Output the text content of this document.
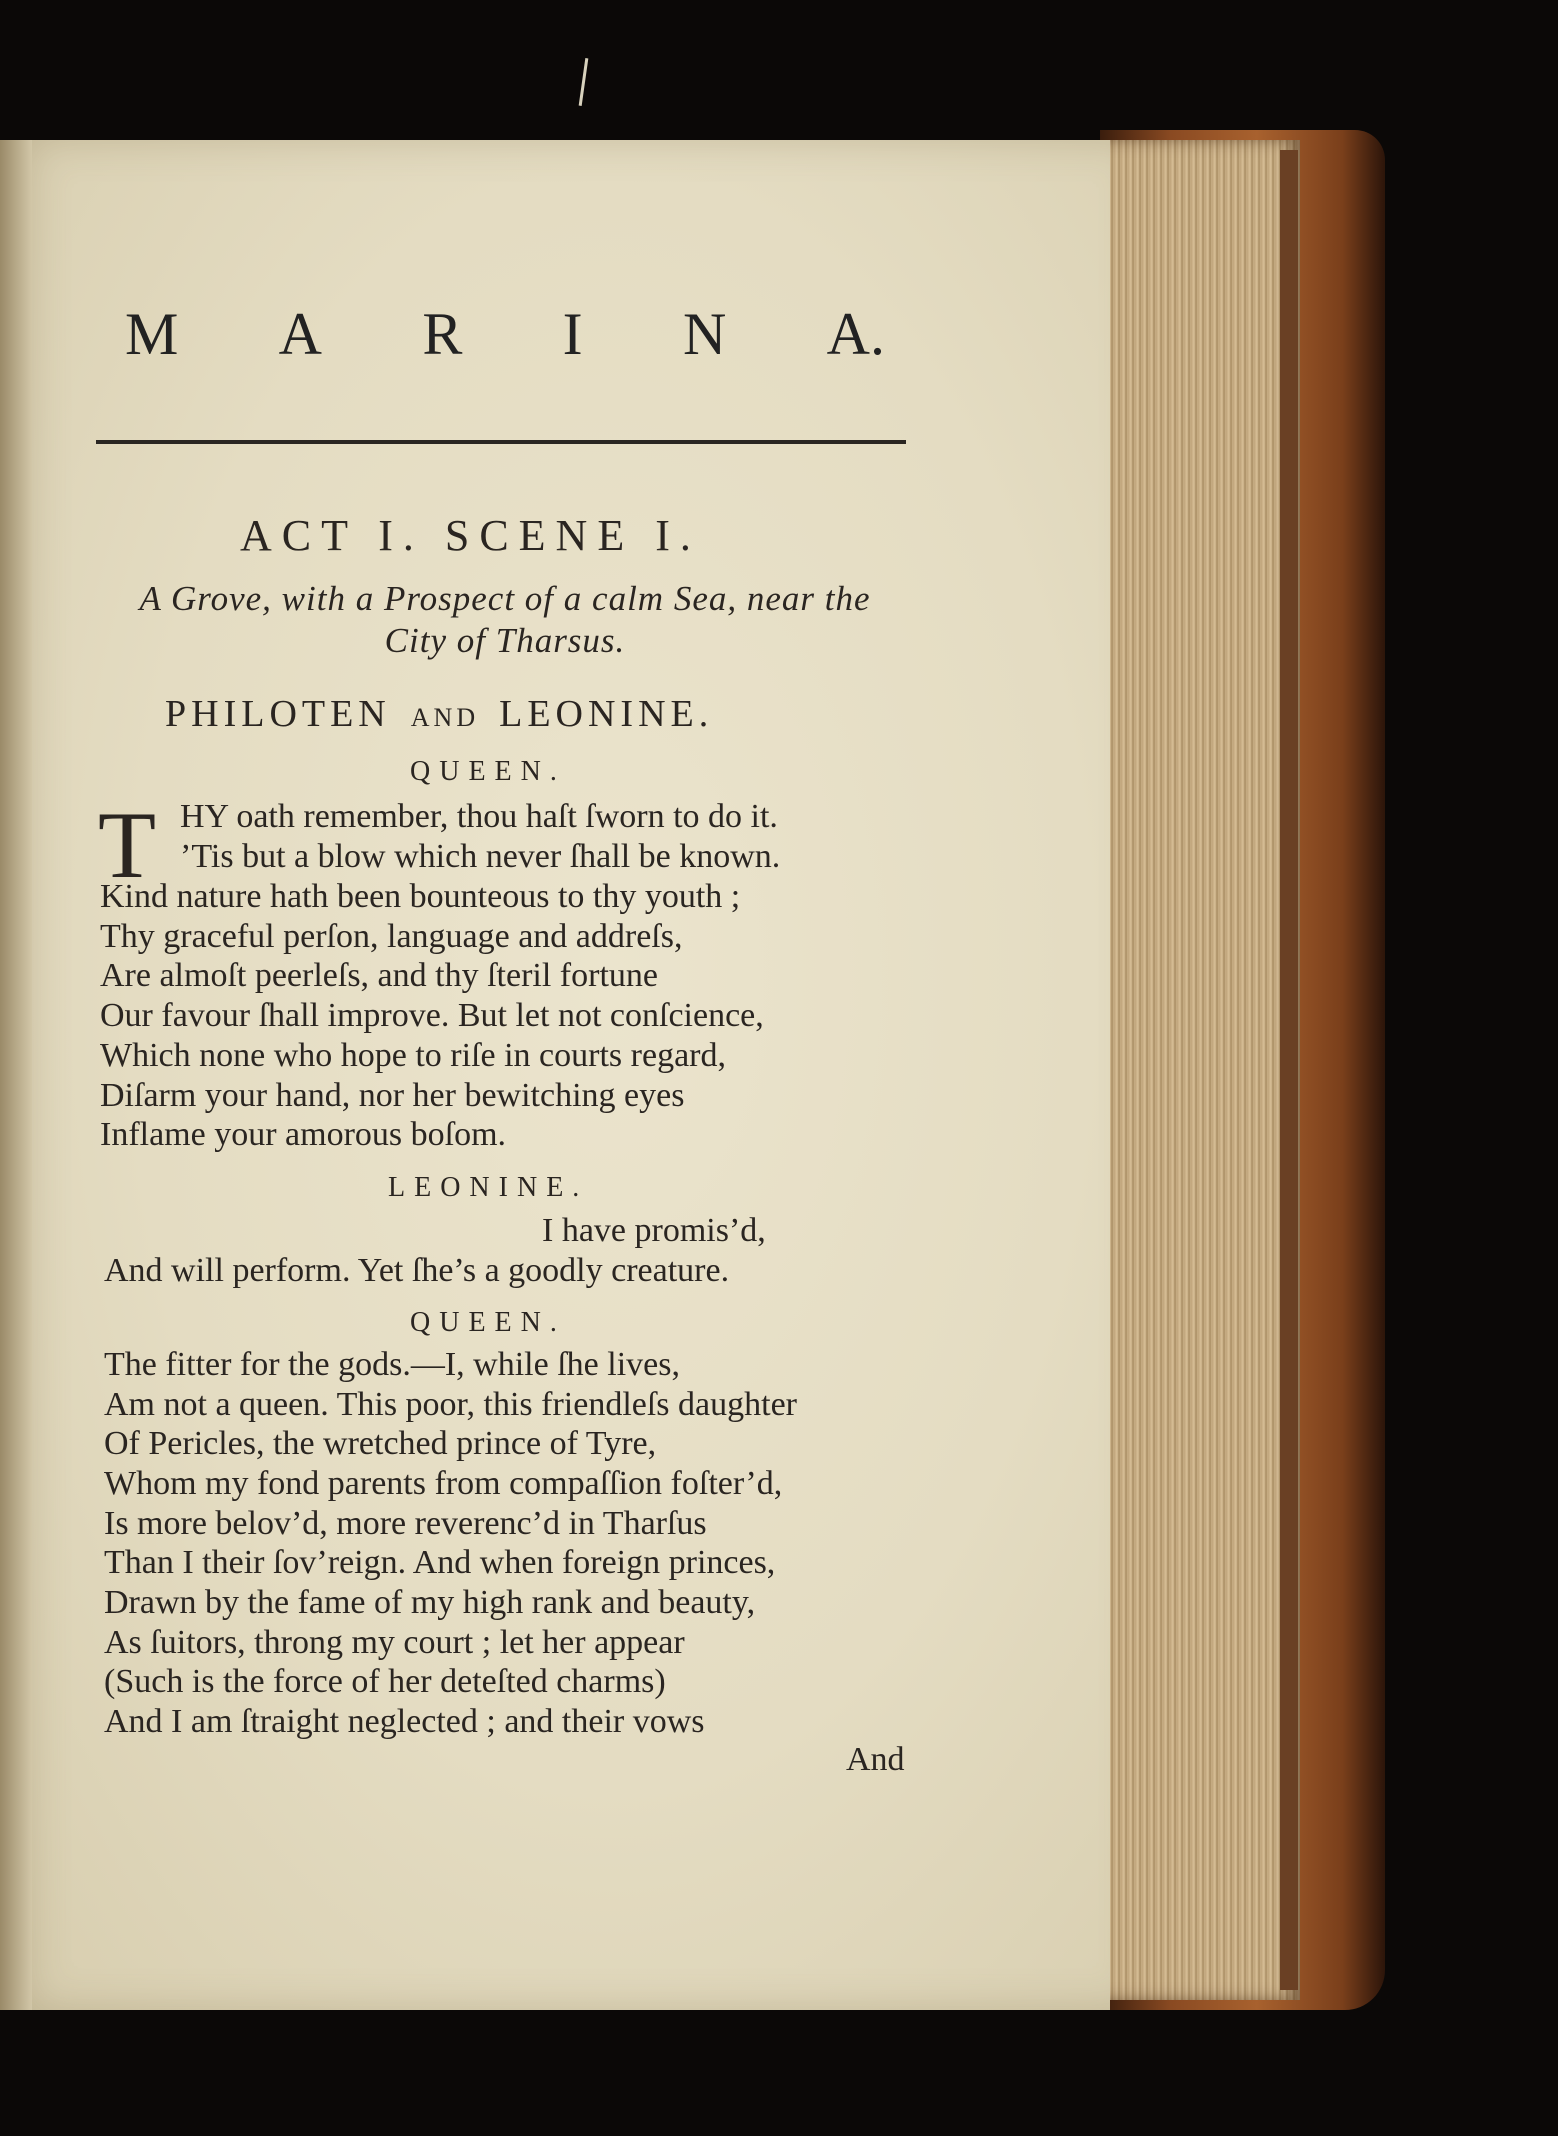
M A R I N A.
ACT I. SCENE I.
A Grove, with a Prospect of a calm Sea, near the
City of Tharsus.
PHILOTEN AND LEONINE.
QUEEN.
T HY oath remember, thou haſt ſworn to do it.
’Tis but a blow which never ſhall be known.
Kind nature hath been bounteous to thy youth ;
Thy graceful perſon, language and addreſs,
Are almoſt peerleſs, and thy ſteril fortune
Our favour ſhall improve. But let not conſcience,
Which none who hope to riſe in courts regard,
Diſarm your hand, nor her bewitching eyes
Inflame your amorous boſom.
LEONINE.
I have promis’d,
And will perform. Yet ſhe’s a goodly creature.
QUEEN.
The fitter for the gods.—I, while ſhe lives,
Am not a queen. This poor, this friendleſs daughter
Of Pericles, the wretched prince of Tyre,
Whom my fond parents from compaſſion foſter’d,
Is more belov’d, more reverenc’d in Tharſus
Than I their ſov’reign. And when foreign princes,
Drawn by the fame of my high rank and beauty,
As ſuitors, throng my court ; let her appear
(Such is the force of her deteſted charms)
And I am ſtraight neglected ; and their vows
And
